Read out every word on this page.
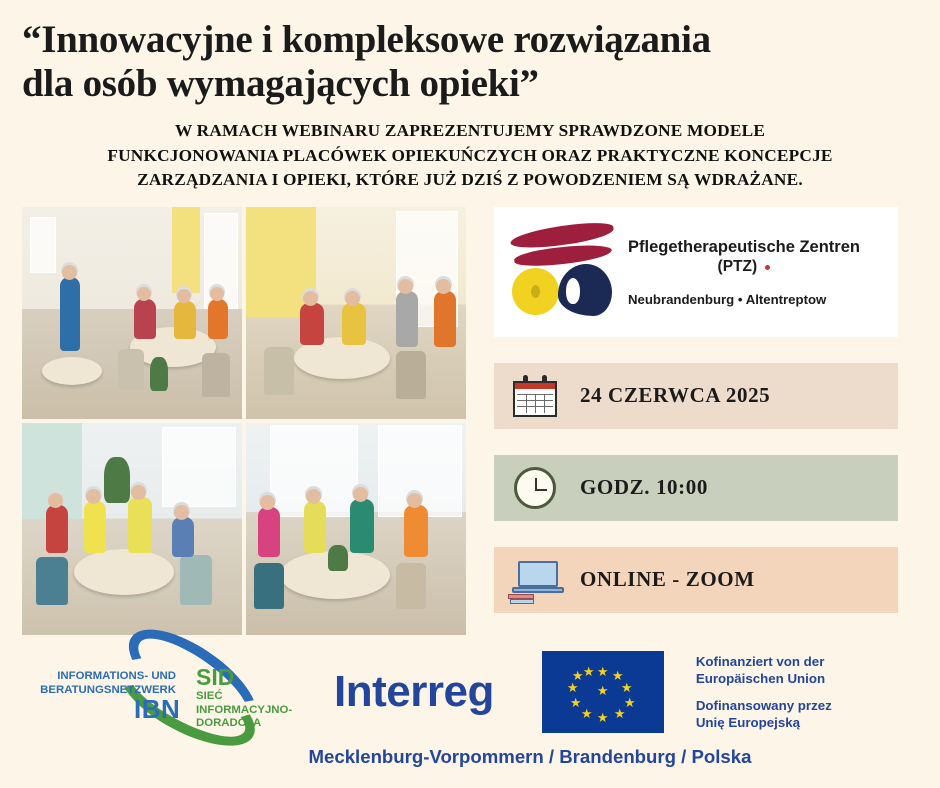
“Innowacyjne i kompleksowe rozwiązania
dla osób wymagających opieki”
W RAMACH WEBINARU ZAPREZENTUJEMY SPRAWDZONE MODELE
FUNKCJONOWANIA PLACÓWEK OPIEKUŃCZYCH ORAZ PRAKTYCZNE KONCEPCJE
ZARZĄDZANIA I OPIEKI, KTÓRE JUŻ DZIŚ Z POWODZENIEM SĄ WDRAŻANE.
Pflegetherapeutische Zentren
(PTZ)
Neubrandenburg • Altentreptow
24 CZERWCA 2025
GODZ. 10:00
ONLINE - ZOOM
INFORMATIONS- UND
BERATUNGSNETZWERK
IBN
SID
SIEĆ INFORMACYJNO-
DORADCZA
Interreg	★ ★
★
★
★
★
★
★
★
★ ★
★
Kofinanziert von der
Europäischen Union
Dofinansowany przez
Unię Europejską
Mecklenburg-Vorpommern / Brandenburg / Polska
